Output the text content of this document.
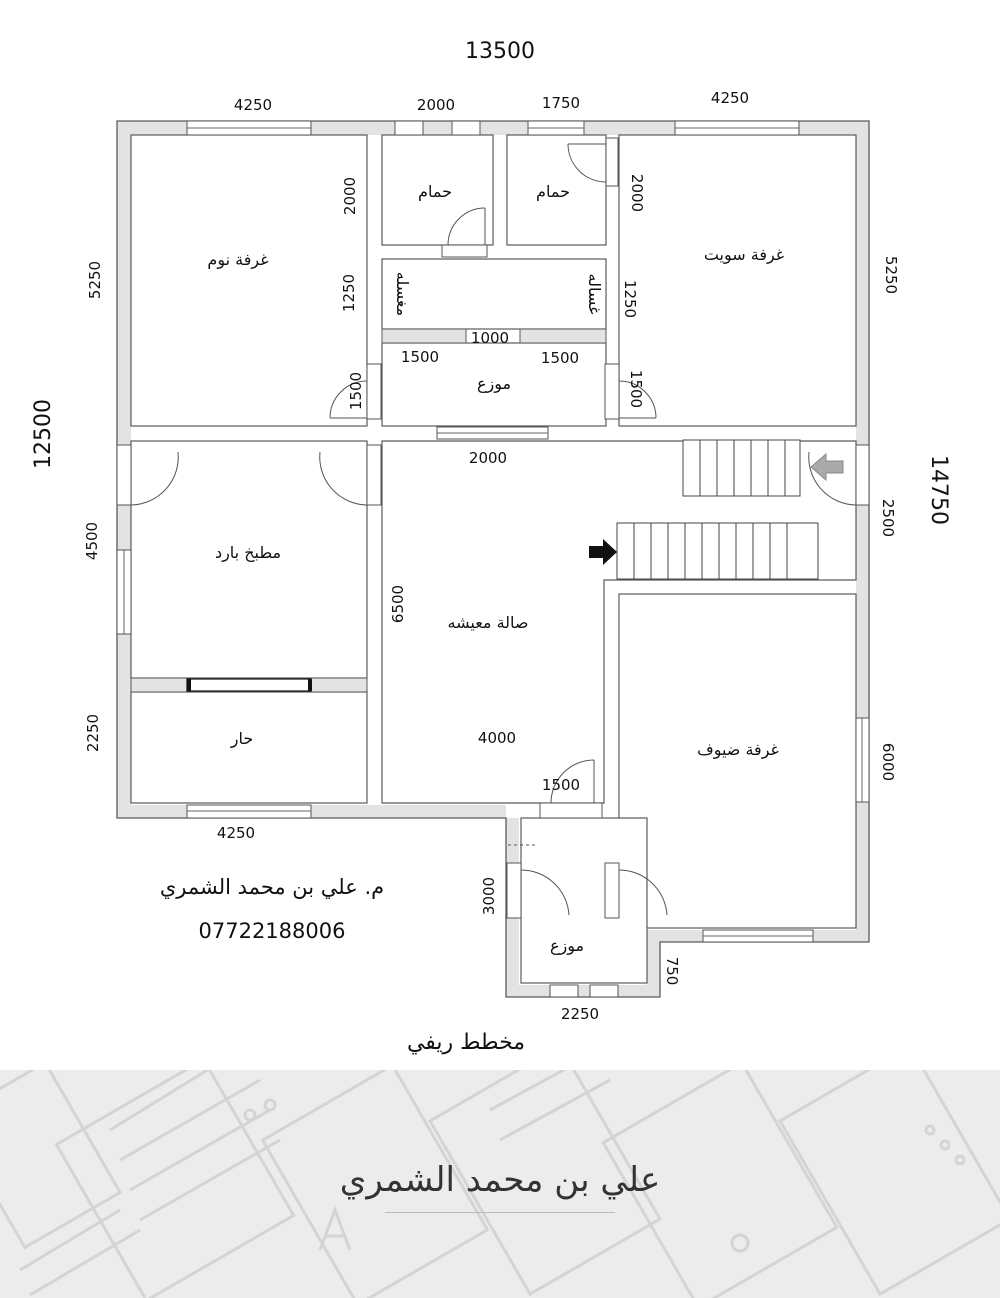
13500
12500
14750
4250	2000	1750	4250
5250
4500
2250
5250
2500
6000
2000	2000
1250	1250
1000
1500	1500
1500	1500
2000
6500
4000
1500
4250
3000
2250
750
غرفة نوم
حمام	حمام
غرفة سويت
مغسله	غساله
موزع
مطبخ بارد
حار
صالة معيشه
غرفة ضيوف
موزع
م. علي بن محمد الشمري
07722188006
مخطط ريفي
علي بن محمد الشمري
